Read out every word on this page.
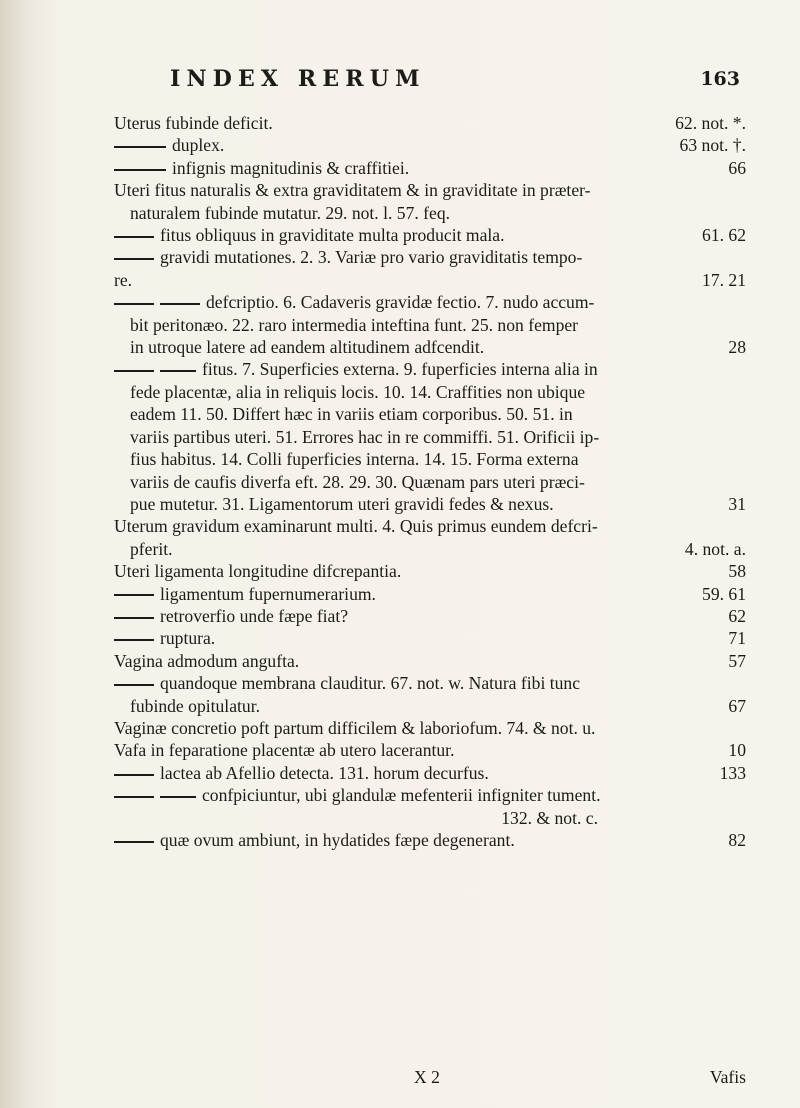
INDEX RERUM	163
Uterus fubinde deficit.	62. not. *.
duplex.	63 not. †.
infignis magnitudinis & craffitiei.	66
Uteri fitus naturalis & extra graviditatem & in graviditate in præter-
naturalem fubinde mutatur. 29. not. l. 57. feq.
fitus obliquus in graviditate multa producit mala.	61. 62
gravidi mutationes. 2. 3. Variæ pro vario graviditatis tempo-
re.	17. 21
defcriptio. 6. Cadaveris gravidæ fectio. 7. nudo accum-
bit peritonæo. 22. raro intermedia inteftina funt. 25. non femper
in utroque latere ad eandem altitudinem adfcendit.	28
fitus. 7. Superficies externa. 9. fuperficies interna alia in
fede placentæ, alia in reliquis locis. 10. 14. Craffities non ubique
eadem 11. 50. Differt hæc in variis etiam corporibus. 50. 51. in
variis partibus uteri. 51. Errores hac in re commiffi. 51. Orificii ip-
fius habitus. 14. Colli fuperficies interna. 14. 15. Forma externa
variis de caufis diverfa eft. 28. 29. 30. Quænam pars uteri præci-
pue mutetur. 31. Ligamentorum uteri gravidi fedes & nexus.	31
Uterum gravidum examinarunt multi. 4. Quis primus eundem defcri-
pferit.	4. not. a.
Uteri ligamenta longitudine difcrepantia.	58
ligamentum fupernumerarium.	59. 61
retroverfio unde fæpe fiat?	62
ruptura.	71
Vagina admodum angufta.	57
quandoque membrana clauditur. 67. not. w. Natura fibi tunc
fubinde opitulatur.	67
Vaginæ concretio poft partum difficilem & laboriofum. 74. & not. u.
Vafa in feparatione placentæ ab utero lacerantur.	10
lactea ab Afellio detecta. 131. horum decurfus.	133
confpiciuntur, ubi glandulæ mefenterii infigniter tument.
132. & not. c.
quæ ovum ambiunt, in hydatides fæpe degenerant.	82
X 2	Vafis
